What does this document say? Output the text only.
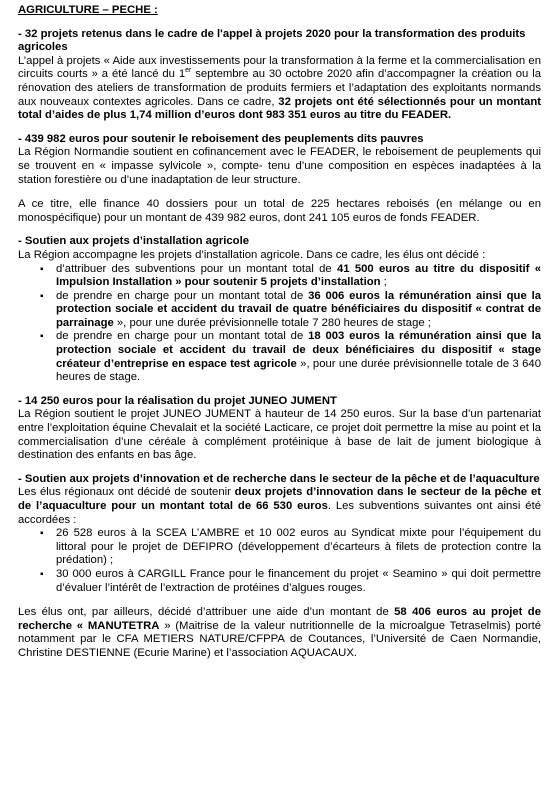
AGRICULTURE – PECHE :
- 32 projets retenus dans le cadre de l'appel à projets 2020 pour la transformation des produits agricoles

L’appel à projets « Aide aux investissements pour la transformation à la ferme et la commercialisation en circuits courts » a été lancé du 1er septembre au 30 octobre 2020 afin d’accompagner la création ou la rénovation des ateliers de transformation de produits fermiers et l’adaptation des exploitants normands aux nouveaux contextes agricoles. Dans ce cadre, 32 projets ont été sélectionnés pour un montant total d’aides de plus 1,74 million d’euros dont 983 351 euros au titre du FEADER.

- 439 982 euros pour soutenir le reboisement des peuplements dits pauvres

La Région Normandie soutient en cofinancement avec le FEADER, le reboisement de peuplements qui se trouvent en « impasse sylvicole », compte- tenu d’une composition en espèces inadaptées à la station forestière ou d’une inadaptation de leur structure.

A ce titre, elle finance 40 dossiers pour un total de 225 hectares reboisés (en mélange ou en monospécifique) pour un montant de 439 982 euros, dont 241 105 euros de fonds FEADER.

- Soutien aux projets d’installation agricole

La Région accompagne les projets d’installation agricole. Dans ce cadre, les élus ont décidé :

▪ d’attribuer des subventions pour un montant total de 41 500 euros au titre du dispositif « Impulsion Installation » pour soutenir 5 projets d’installation ;
▪ de prendre en charge pour un montant total de 36 006 euros la rémunération ainsi que la protection sociale et accident du travail de quatre bénéficiaires du dispositif « contrat de parrainage », pour une durée prévisionnelle totale 7 280 heures de stage ;
▪ de prendre en charge pour un montant total de 18 003 euros la rémunération ainsi que la protection sociale et accident du travail de deux bénéficiaires du dispositif « stage créateur d’entreprise en espace test agricole », pour une durée prévisionnelle totale de 3 640 heures de stage.
- 14 250 euros pour la réalisation du projet JUNEO JUMENT

La Région soutient le projet JUNEO JUMENT à hauteur de 14 250 euros. Sur la base d’un partenariat entre l’exploitation équine Chevalait et la société Lacticare, ce projet doit permettre la mise au point et la commercialisation d’une céréale à complément protéinique à base de lait de jument biologique à destination des enfants en bas âge.

- Soutien aux projets d’innovation et de recherche dans le secteur de la pêche et de l’aquaculture

Les élus régionaux ont décidé de soutenir deux projets d’innovation dans le secteur de la pêche et de l’aquaculture pour un montant total de 66 530 euros. Les subventions suivantes ont ainsi été accordées :

▪ 26 528 euros à la SCEA L’AMBRE et 10 002 euros au Syndicat mixte pour l’équipement du littoral pour le projet de DEFIPRO (développement d’écarteurs à filets de protection contre la prédation) ;
▪ 30 000 euros à CARGILL France pour le financement du projet « Seamino » qui doit permettre d’évaluer l’intérêt de l’extraction de protéines d’algues rouges.

Les élus ont, par ailleurs, décidé d’attribuer une aide d’un montant de 58 406 euros au projet de recherche « MANUTETRA » (Maitrise de la valeur nutritionnelle de la microalgue Tetraselmis) porté notamment par le CFA METIERS NATURE/CFPPA de Coutances, l’Université de Caen Normandie, Christine DESTIENNE (Ecurie Marine) et l’association AQUACAUX.
